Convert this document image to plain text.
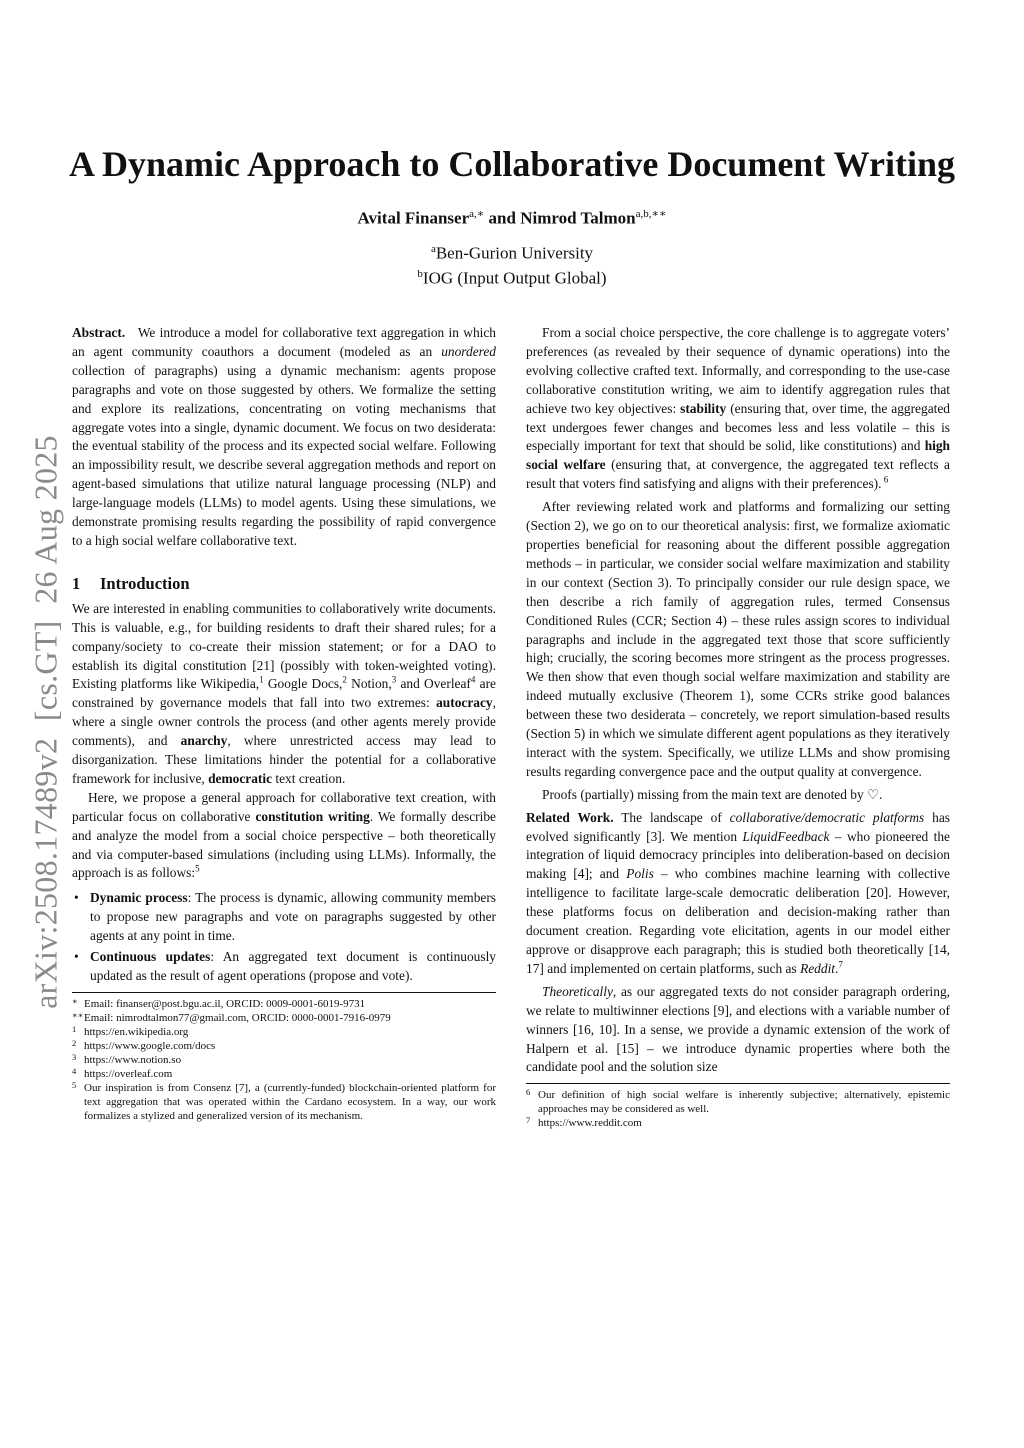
A Dynamic Approach to Collaborative Document Writing
Avital Finanser$^{a,∗}$ and Nimrod Talmon$^{a,b,∗∗}$
$^a$Ben-Gurion University
$^b$IOG (Input Output Global)
arXiv:2508.17489v2  [cs.GT]  26 Aug 2025

Abstract. We introduce a model for collaborative text aggregation in which an agent community coauthors a document (modeled as an unordered collection of paragraphs) using a dynamic mechanism: agents propose paragraphs and vote on those suggested by others. We formalize the setting and explore its realizations, concentrating on voting mechanisms that aggregate votes into a single, dynamic document. We focus on two desiderata: the eventual stability of the process and its expected social welfare. Following an impossibility result, we describe several aggregation methods and report on agent-based simulations that utilize natural language processing (NLP) and large-language models (LLMs) to model agents. Using these simulations, we demonstrate promising results regarding the possibility of rapid convergence to a high social welfare collaborative text.

1 Introduction

We are interested in enabling communities to collaboratively write documents. This is valuable, e.g., for building residents to draft their shared rules; for a company/society to co-create their mission statement; or for a DAO to establish its digital constitution [21] (possibly with token-weighted voting). Existing platforms like Wikipedia,$^1$ Google Docs,$^2$ Notion,$^3$ and Overleaf$^4$ are constrained by governance models that fall into two extremes: autocracy, where a single owner controls the process (and other agents merely provide comments), and anarchy, where unrestricted access may lead to disorganization. These limitations hinder the potential for a collaborative framework for inclusive, democratic text creation.

Here, we propose a general approach for collaborative text creation, with particular focus on collaborative constitution writing. We formally describe and analyze the model from a social choice perspective – both theoretically and via computer-based simulations (including using LLMs). Informally, the approach is as follows:$^5$

• Dynamic process: The process is dynamic, allowing community members to propose new paragraphs and vote on paragraphs suggested by other agents at any point in time.
• Continuous updates: An aggregated text document is continuously updated as the result of agent operations (propose and vote).
∗ Email: finanser@post.bgu.ac.il, ORCID: 0009-0001-6019-9731
∗∗ Email: nimrodtalmon77@gmail.com, ORCID: 0000-0001-7916-0979
1 https://en.wikipedia.org
2 https://www.google.com/docs
3 https://www.notion.so
4 https://overleaf.com
5 Our inspiration is from Consenz [7], a (currently-funded) blockchain-oriented platform for text aggregation that was operated within the Cardano ecosystem. In a way, our work formalizes a stylized and generalized version of its mechanism.

From a social choice perspective, the core challenge is to aggregate voters’ preferences (as revealed by their sequence of dynamic operations) into the evolving collective crafted text. Informally, and corresponding to the use-case collaborative constitution writing, we aim to identify aggregation rules that achieve two key objectives: stability (ensuring that, over time, the aggregated text undergoes fewer changes and becomes less and less volatile – this is especially important for text that should be solid, like constitutions) and high social welfare (ensuring that, at convergence, the aggregated text reflects a result that voters find satisfying and aligns with their preferences). $^6$

After reviewing related work and platforms and formalizing our setting (Section 2), we go on to our theoretical analysis: first, we formalize axiomatic properties beneficial for reasoning about the different possible aggregation methods – in particular, we consider social welfare maximization and stability in our context (Section 3). To principally consider our rule design space, we then describe a rich family of aggregation rules, termed Consensus Conditioned Rules (CCR; Section 4) – these rules assign scores to individual paragraphs and include in the aggregated text those that score sufficiently high; crucially, the scoring becomes more stringent as the process progresses. We then show that even though social welfare maximization and stability are indeed mutually exclusive (Theorem 1), some CCRs strike good balances between these two desiderata – concretely, we report simulation-based results (Section 5) in which we simulate different agent populations as they iteratively interact with the system. Specifically, we utilize LLMs and show promising results regarding convergence pace and the output quality at convergence.

Proofs (partially) missing from the main text are denoted by ♡.

Related Work. The landscape of collaborative/democratic platforms has evolved significantly [3]. We mention LiquidFeedback – who pioneered the integration of liquid democracy principles into deliberation-based on decision making [4]; and Polis – who combines machine learning with collective intelligence to facilitate large-scale democratic deliberation [20]. However, these platforms focus on deliberation and decision-making rather than document creation. Regarding vote elicitation, agents in our model either approve or disapprove each paragraph; this is studied both theoretically [14, 17] and implemented on certain platforms, such as Reddit.$^7$

Theoretically, as our aggregated texts do not consider paragraph ordering, we relate to multiwinner elections [9], and elections with a variable number of winners [16, 10]. In a sense, we provide a dynamic extension of the work of Halpern et al. [15] – we introduce dynamic properties where both the candidate pool and the solution size

6 Our definition of high social welfare is inherently subjective; alternatively, epistemic approaches may be considered as well.
7 https://www.reddit.com
